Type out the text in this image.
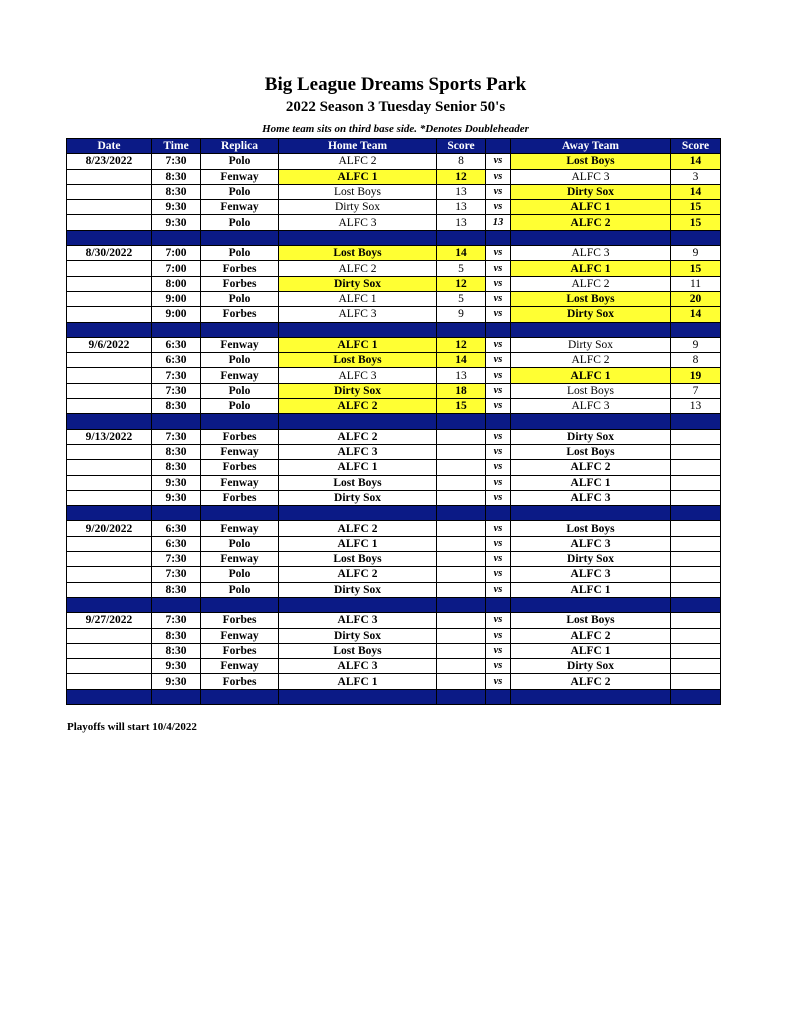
Big League Dreams Sports Park
2022 Season 3 Tuesday Senior 50's
Home team sits on third base side. *Denotes Doubleheader
Date	Time	Replica	Home Team	Score		Away Team	Score
8/23/2022	7:30	Polo	ALFC 2	8	vs	Lost Boys	14
	8:30	Fenway	ALFC 1	12	vs	ALFC 3	3
	8:30	Polo	Lost Boys	13	vs	Dirty Sox	14
	9:30	Fenway	Dirty Sox	13	vs	ALFC 1	15
	9:30	Polo	ALFC 3	13	13	ALFC 2	15

8/30/2022	7:00	Polo	Lost Boys	14	vs	ALFC 3	9
	7:00	Forbes	ALFC 2	5	vs	ALFC 1	15
	8:00	Forbes	Dirty Sox	12	vs	ALFC 2	11
	9:00	Polo	ALFC 1	5	vs	Lost Boys	20
	9:00	Forbes	ALFC 3	9	vs	Dirty Sox	14

9/6/2022	6:30	Fenway	ALFC 1	12	vs	Dirty Sox	9
	6:30	Polo	Lost Boys	14	vs	ALFC 2	8
	7:30	Fenway	ALFC 3	13	vs	ALFC 1	19
	7:30	Polo	Dirty Sox	18	vs	Lost Boys	7
	8:30	Polo	ALFC 2	15	vs	ALFC 3	13

9/13/2022	7:30	Forbes	ALFC 2		vs	Dirty Sox	
	8:30	Fenway	ALFC 3		vs	Lost Boys	
	8:30	Forbes	ALFC 1		vs	ALFC 2	
	9:30	Fenway	Lost Boys		vs	ALFC 1	
	9:30	Forbes	Dirty Sox		vs	ALFC 3	

9/20/2022	6:30	Fenway	ALFC 2		vs	Lost Boys	
	6:30	Polo	ALFC 1		vs	ALFC 3	
	7:30	Fenway	Lost Boys		vs	Dirty Sox	
	7:30	Polo	ALFC 2		vs	ALFC 3	
	8:30	Polo	Dirty Sox		vs	ALFC 1	

9/27/2022	7:30	Forbes	ALFC 3		vs	Lost Boys	
	8:30	Fenway	Dirty Sox		vs	ALFC 2	
	8:30	Forbes	Lost Boys		vs	ALFC 1	
	9:30	Fenway	ALFC 3		vs	Dirty Sox	
	9:30	Forbes	ALFC 1		vs	ALFC 2	

Playoffs will start 10/4/2022
